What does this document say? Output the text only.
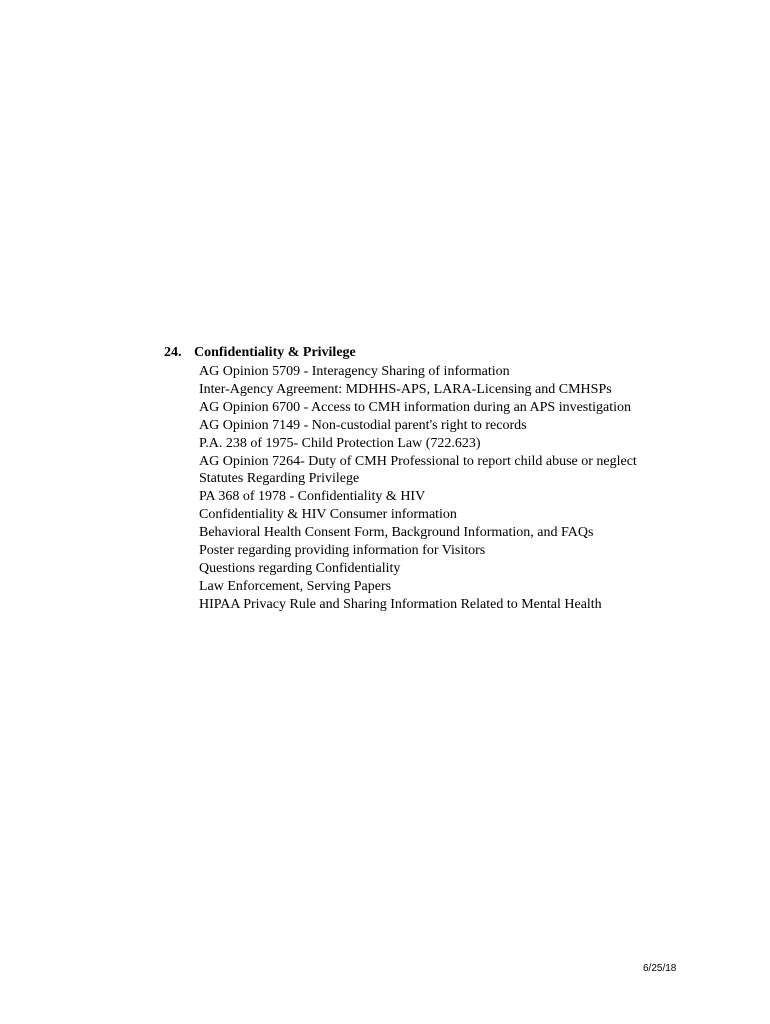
24. Confidentiality & Privilege
AG Opinion 5709 - Interagency Sharing of information
Inter-Agency Agreement: MDHHS-APS, LARA-Licensing and CMHSPs
AG Opinion 6700 - Access to CMH information during an APS investigation
AG Opinion 7149 - Non-custodial parent's right to records
P.A. 238 of 1975- Child Protection Law (722.623)
AG Opinion 7264- Duty of CMH Professional to report child abuse or neglect
Statutes Regarding Privilege
PA 368 of 1978 - Confidentiality & HIV
Confidentiality & HIV Consumer information
Behavioral Health Consent Form, Background Information, and FAQs
Poster regarding providing information for Visitors
Questions regarding Confidentiality
Law Enforcement, Serving Papers
HIPAA Privacy Rule and Sharing Information Related to Mental Health
6/25/18
